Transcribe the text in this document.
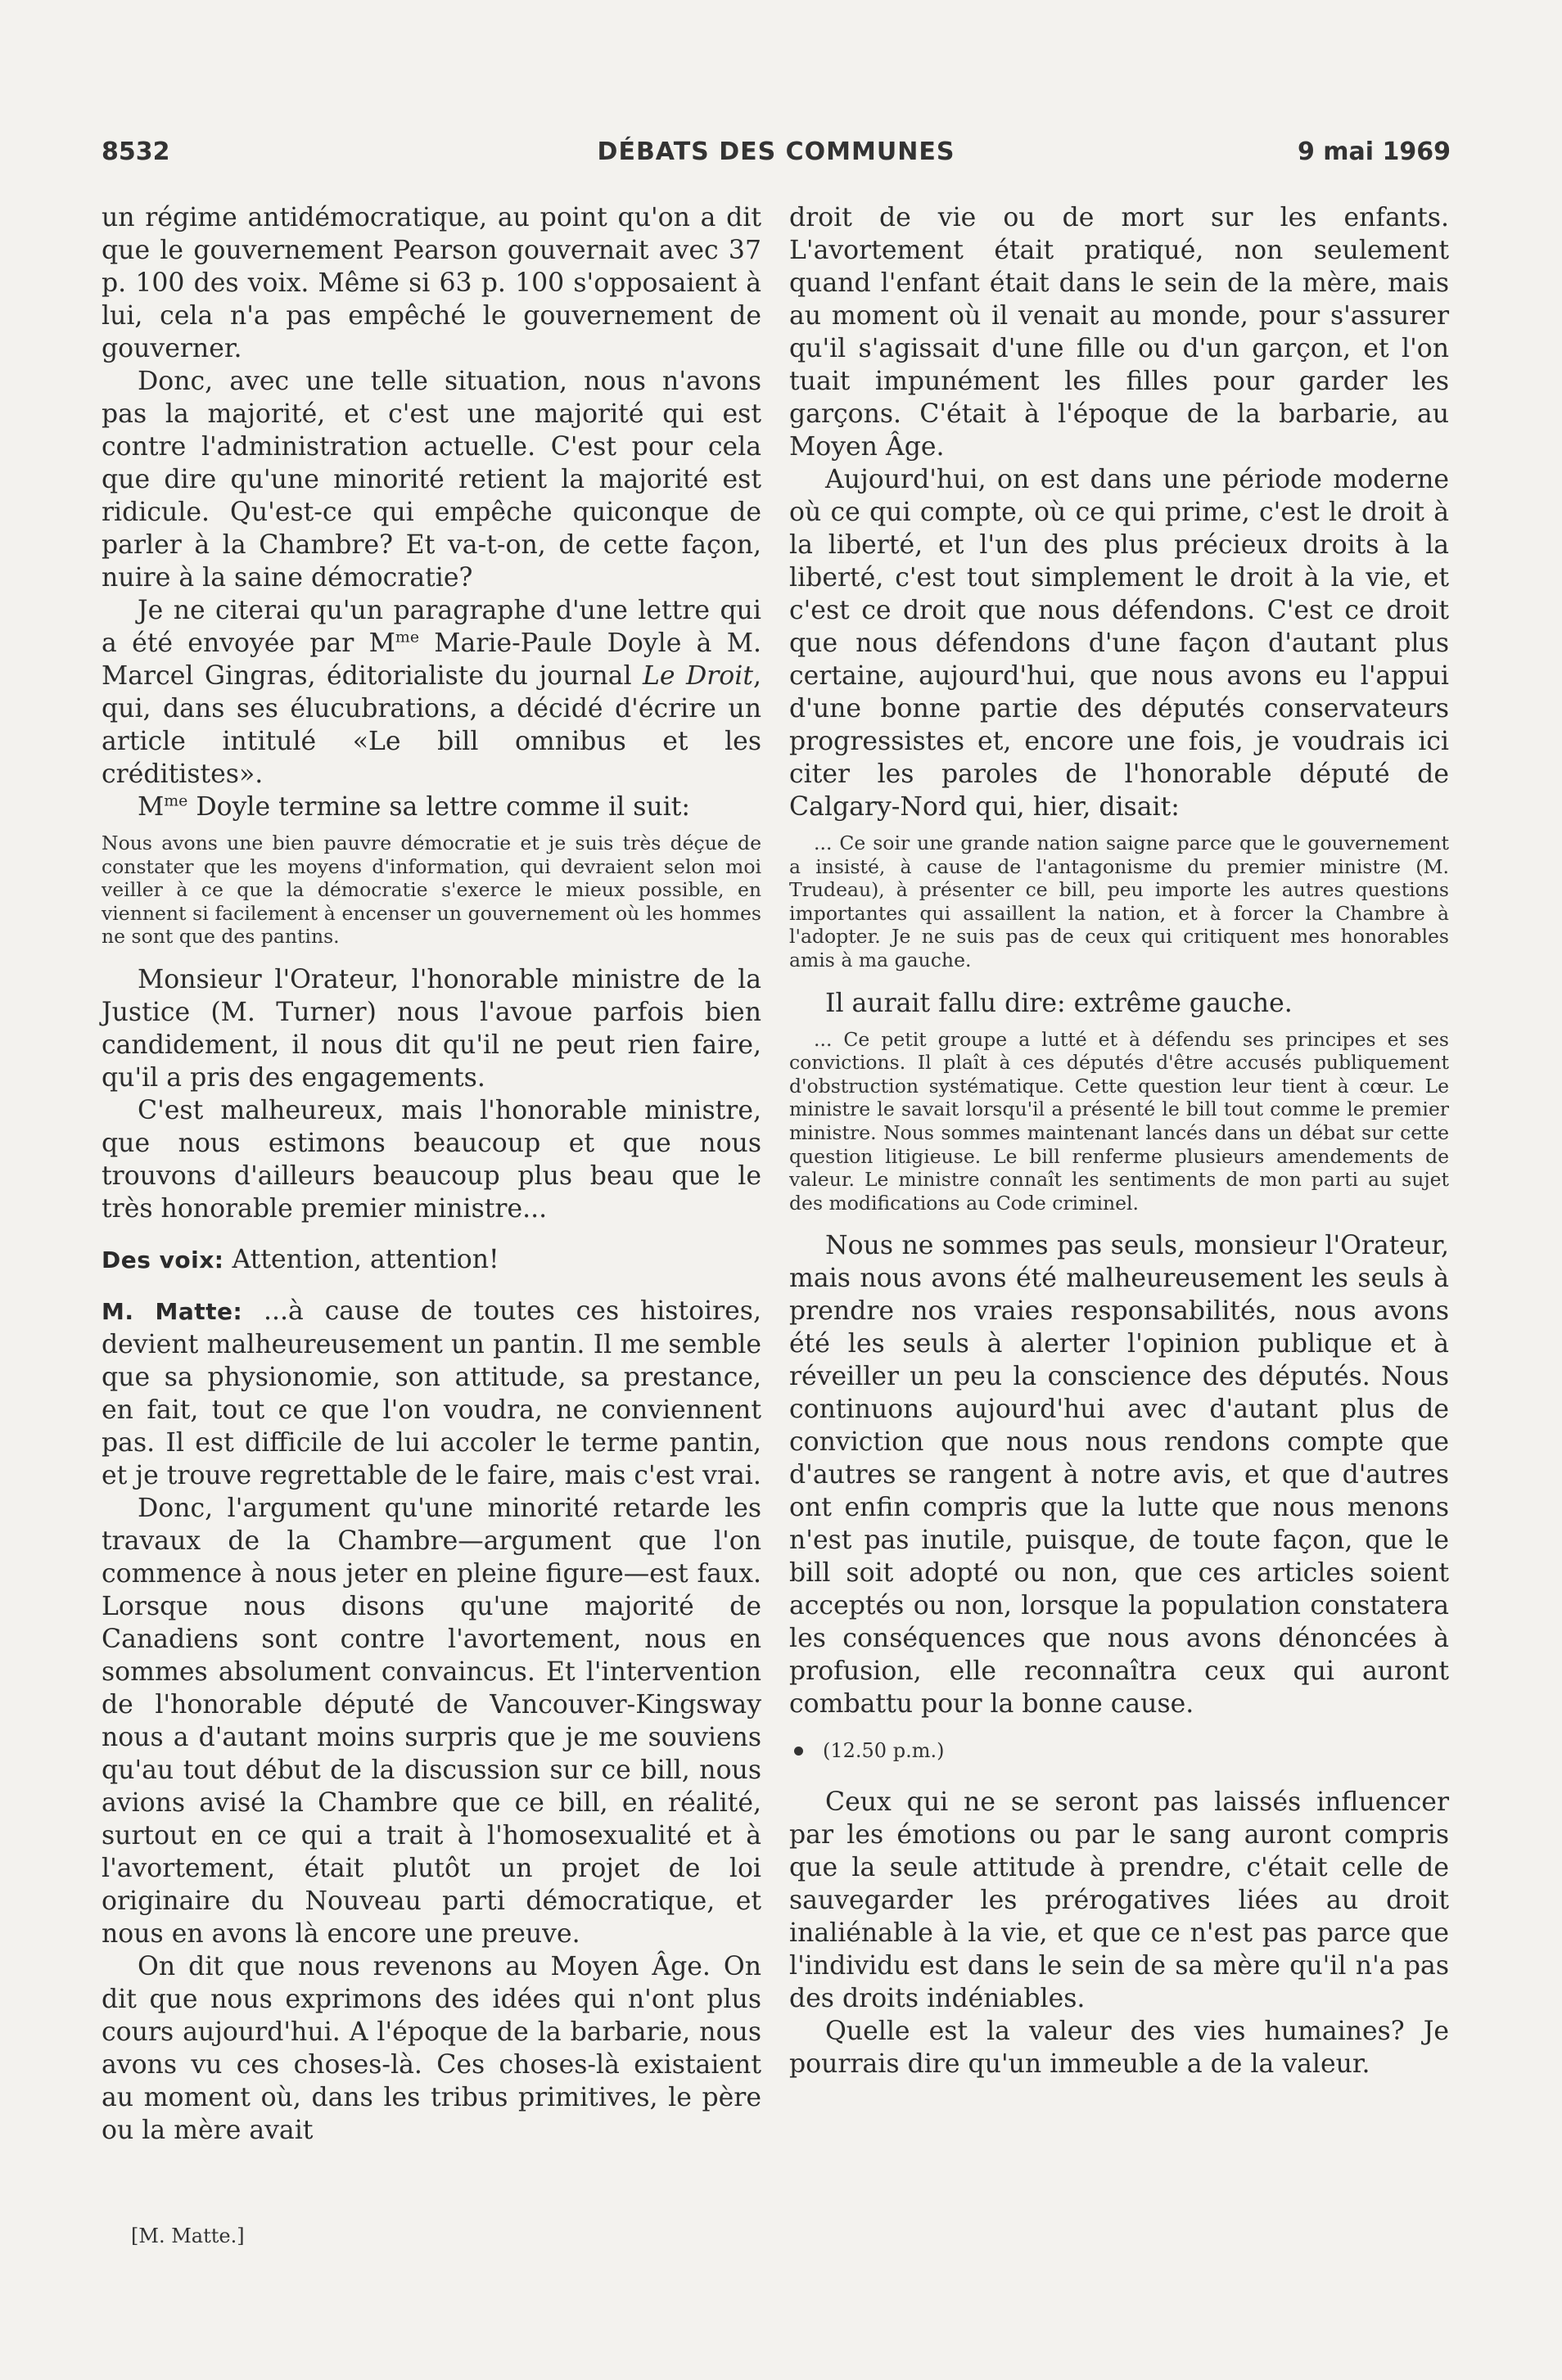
8532	DÉBATS DES COMMUNES	9 mai 1969

un régime antidémocratique, au point qu'on a dit que le gouvernement Pearson gouvernait avec 37 p. 100 des voix. Même si 63 p. 100 s'opposaient à lui, cela n'a pas empêché le gouvernement de gouverner.

Donc, avec une telle situation, nous n'avons pas la majorité, et c'est une majorité qui est contre l'administration actuelle. C'est pour cela que dire qu'une minorité retient la majorité est ridicule. Qu'est-ce qui empêche quiconque de parler à la Chambre? Et va-t-on, de cette façon, nuire à la saine démocratie?

Je ne citerai qu'un paragraphe d'une lettre qui a été envoyée par $M^{me}$ Marie-Paule Doyle à M. Marcel Gingras, éditorialiste du journal Le Droit, qui, dans ses élucubrations, a décidé d'écrire un article intitulé «Le bill omnibus et les créditistes».

$M^{me}$ Doyle termine sa lettre comme il suit:

Nous avons une bien pauvre démocratie et je suis très déçue de constater que les moyens d'information, qui devraient selon moi veiller à ce que la démocratie s'exerce le mieux possible, en viennent si facilement à encenser un gouvernement où les hommes ne sont que des pantins.

Monsieur l'Orateur, l'honorable ministre de la Justice (M. Turner) nous l'avoue parfois bien candidement, il nous dit qu'il ne peut rien faire, qu'il a pris des engagements.

C'est malheureux, mais l'honorable ministre, que nous estimons beaucoup et que nous trouvons d'ailleurs beaucoup plus beau que le très honorable premier ministre...

Des voix: Attention, attention!

M. Matte: ...à cause de toutes ces histoires, devient malheureusement un pantin. Il me semble que sa physionomie, son attitude, sa prestance, en fait, tout ce que l'on voudra, ne conviennent pas. Il est difficile de lui accoler le terme pantin, et je trouve regrettable de le faire, mais c'est vrai.

Donc, l'argument qu'une minorité retarde les travaux de la Chambre—argument que l'on commence à nous jeter en pleine figure—est faux. Lorsque nous disons qu'une majorité de Canadiens sont contre l'avortement, nous en sommes absolument convaincus. Et l'intervention de l'honorable député de Vancouver-Kingsway nous a d'autant moins surpris que je me souviens qu'au tout début de la discussion sur ce bill, nous avions avisé la Chambre que ce bill, en réalité, surtout en ce qui a trait à l'homosexualité et à l'avortement, était plutôt un projet de loi originaire du Nouveau parti démocratique, et nous en avons là encore une preuve.

On dit que nous revenons au Moyen Âge. On dit que nous exprimons des idées qui n'ont plus cours aujourd'hui. A l'époque de la barbarie, nous avons vu ces choses-là. Ces choses-là existaient au moment où, dans les tribus primitives, le père ou la mère avait

[M. Matte.]

droit de vie ou de mort sur les enfants. L'avortement était pratiqué, non seulement quand l'enfant était dans le sein de la mère, mais au moment où il venait au monde, pour s'assurer qu'il s'agissait d'une fille ou d'un garçon, et l'on tuait impunément les filles pour garder les garçons. C'était à l'époque de la barbarie, au Moyen Âge.

Aujourd'hui, on est dans une période moderne où ce qui compte, où ce qui prime, c'est le droit à la liberté, et l'un des plus précieux droits à la liberté, c'est tout simplement le droit à la vie, et c'est ce droit que nous défendons. C'est ce droit que nous défendons d'une façon d'autant plus certaine, aujourd'hui, que nous avons eu l'appui d'une bonne partie des députés conservateurs progressistes et, encore une fois, je voudrais ici citer les paroles de l'honorable député de Calgary-Nord qui, hier, disait:

... Ce soir une grande nation saigne parce que le gouvernement a insisté, à cause de l'antagonisme du premier ministre (M. Trudeau), à présenter ce bill, peu importe les autres questions importantes qui assaillent la nation, et à forcer la Chambre à l'adopter. Je ne suis pas de ceux qui critiquent mes honorables amis à ma gauche.

Il aurait fallu dire: extrême gauche.

... Ce petit groupe a lutté et à défendu ses principes et ses convictions. Il plaît à ces députés d'être accusés publiquement d'obstruction systématique. Cette question leur tient à cœur. Le ministre le savait lorsqu'il a présenté le bill tout comme le premier ministre. Nous sommes maintenant lancés dans un débat sur cette question litigieuse. Le bill renferme plusieurs amendements de valeur. Le ministre connaît les sentiments de mon parti au sujet des modifications au Code criminel.

Nous ne sommes pas seuls, monsieur l'Orateur, mais nous avons été malheureusement les seuls à prendre nos vraies responsabilités, nous avons été les seuls à alerter l'opinion publique et à réveiller un peu la conscience des députés. Nous continuons aujourd'hui avec d'autant plus de conviction que nous nous rendons compte que d'autres se rangent à notre avis, et que d'autres ont enfin compris que la lutte que nous menons n'est pas inutile, puisque, de toute façon, que le bill soit adopté ou non, que ces articles soient acceptés ou non, lorsque la population constatera les conséquences que nous avons dénoncées à profusion, elle reconnaîtra ceux qui auront combattu pour la bonne cause.

(12.50 p.m.)

Ceux qui ne se seront pas laissés influencer par les émotions ou par le sang auront compris que la seule attitude à prendre, c'était celle de sauvegarder les prérogatives liées au droit inaliénable à la vie, et que ce n'est pas parce que l'individu est dans le sein de sa mère qu'il n'a pas des droits indéniables.

Quelle est la valeur des vies humaines? Je pourrais dire qu'un immeuble a de la valeur.
